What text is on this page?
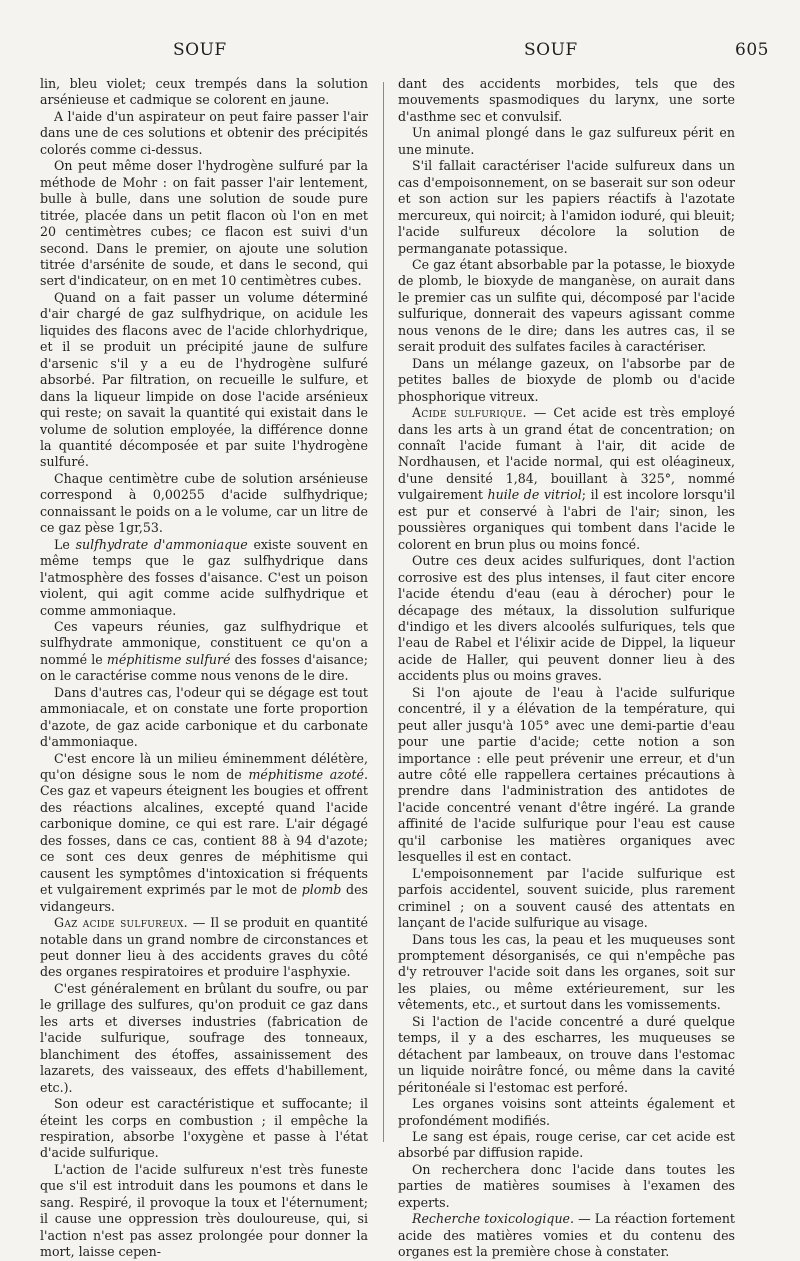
SOUF	SOUF	605

lin, bleu violet; ceux trempés dans la solution arsénieuse et cadmique se colorent en jaune.

A l'aide d'un aspirateur on peut faire passer l'air dans une de ces solutions et obtenir des précipités colorés comme ci-dessus.

On peut même doser l'hydrogène sulfuré par la méthode de Mohr : on fait passer l'air lentement, bulle à bulle, dans une solution de soude pure titrée, placée dans un petit flacon où l'on en met 20 centimètres cubes; ce flacon est suivi d'un second. Dans le premier, on ajoute une solution titrée d'arsénite de soude, et dans le second, qui sert d'indicateur, on en met 10 centimètres cubes.

Quand on a fait passer un volume déterminé d'air chargé de gaz sulfhydrique, on acidule les liquides des flacons avec de l'acide chlorhydrique, et il se produit un précipité jaune de sulfure d'arsenic s'il y a eu de l'hydrogène sulfuré absorbé. Par filtration, on recueille le sulfure, et dans la liqueur limpide on dose l'acide arsénieux qui reste; on savait la quantité qui existait dans le volume de solution employée, la différence donne la quantité décomposée et par suite l'hydrogène sulfuré.

Chaque centimètre cube de solution arsénieuse correspond à 0,00255 d'acide sulfhydrique; connaissant le poids on a le volume, car un litre de ce gaz pèse 1gr,53.

Le sulfhydrate d'ammoniaque existe souvent en même temps que le gaz sulfhydrique dans l'atmosphère des fosses d'aisance. C'est un poison violent, qui agit comme acide sulfhydrique et comme ammoniaque.

Ces vapeurs réunies, gaz sulfhydrique et sulfhydrate ammonique, constituent ce qu'on a nommé le méphitisme sulfuré des fosses d'aisance; on le caractérise comme nous venons de le dire.

Dans d'autres cas, l'odeur qui se dégage est tout ammoniacale, et on constate une forte proportion d'azote, de gaz acide carbonique et du carbonate d'ammoniaque.

C'est encore là un milieu éminemment délétère, qu'on désigne sous le nom de méphitisme azoté. Ces gaz et vapeurs éteignent les bougies et offrent des réactions alcalines, excepté quand l'acide carbonique domine, ce qui est rare. L'air dégagé des fosses, dans ce cas, contient 88 à 94 d'azote; ce sont ces deux genres de méphitisme qui causent les symptômes d'intoxication si fréquents et vulgairement exprimés par le mot de plomb des vidangeurs.

Gaz acide sulfureux. — Il se produit en quantité notable dans un grand nombre de circonstances et peut donner lieu à des accidents graves du côté des organes respiratoires et produire l'asphyxie.

C'est généralement en brûlant du soufre, ou par le grillage des sulfures, qu'on produit ce gaz dans les arts et diverses industries (fabrication de l'acide sulfurique, soufrage des tonneaux, blanchiment des étoffes, assainissement des lazarets, des vaisseaux, des effets d'habillement, etc.).

Son odeur est caractéristique et suffocante; il éteint les corps en combustion ; il empêche la respiration, absorbe l'oxygène et passe à l'état d'acide sulfurique.

L'action de l'acide sulfureux n'est très funeste que s'il est introduit dans les poumons et dans le sang. Respiré, il provoque la toux et l'éternument; il cause une oppression très douloureuse, qui, si l'action n'est pas assez prolongée pour donner la mort, laisse cepen-

dant des accidents morbides, tels que des mouvements spasmodiques du larynx, une sorte d'asthme sec et convulsif.

Un animal plongé dans le gaz sulfureux périt en une minute.

S'il fallait caractériser l'acide sulfureux dans un cas d'empoisonnement, on se baserait sur son odeur et son action sur les papiers réactifs à l'azotate mercureux, qui noircit; à l'amidon ioduré, qui bleuit; l'acide sulfureux décolore la solution de permanganate potassique.

Ce gaz étant absorbable par la potasse, le bioxyde de plomb, le bioxyde de manganèse, on aurait dans le premier cas un sulfite qui, décomposé par l'acide sulfurique, donnerait des vapeurs agissant comme nous venons de le dire; dans les autres cas, il se serait produit des sulfates faciles à caractériser.

Dans un mélange gazeux, on l'absorbe par de petites balles de bioxyde de plomb ou d'acide phosphorique vitreux.

Acide sulfurique. — Cet acide est très employé dans les arts à un grand état de concentration; on connaît l'acide fumant à l'air, dit acide de Nordhausen, et l'acide normal, qui est oléagineux, d'une densité 1,84, bouillant à 325°, nommé vulgairement huile de vitriol; il est incolore lorsqu'il est pur et conservé à l'abri de l'air; sinon, les poussières organiques qui tombent dans l'acide le colorent en brun plus ou moins foncé.

Outre ces deux acides sulfuriques, dont l'action corrosive est des plus intenses, il faut citer encore l'acide étendu d'eau (eau à dérocher) pour le décapage des métaux, la dissolution sulfurique d'indigo et les divers alcoolés sulfuriques, tels que l'eau de Rabel et l'élixir acide de Dippel, la liqueur acide de Haller, qui peuvent donner lieu à des accidents plus ou moins graves.

Si l'on ajoute de l'eau à l'acide sulfurique concentré, il y a élévation de la température, qui peut aller jusqu'à 105° avec une demi-partie d'eau pour une partie d'acide; cette notion a son importance : elle peut prévenir une erreur, et d'un autre côté elle rappellera certaines précautions à prendre dans l'administration des antidotes de l'acide concentré venant d'être ingéré. La grande affinité de l'acide sulfurique pour l'eau est cause qu'il carbonise les matières organiques avec lesquelles il est en contact.

L'empoisonnement par l'acide sulfurique est parfois accidentel, souvent suicide, plus rarement criminel ; on a souvent causé des attentats en lançant de l'acide sulfurique au visage.

Dans tous les cas, la peau et les muqueuses sont promptement désorganisés, ce qui n'empêche pas d'y retrouver l'acide soit dans les organes, soit sur les plaies, ou même extérieurement, sur les vêtements, etc., et surtout dans les vomissements.

Si l'action de l'acide concentré a duré quelque temps, il y a des escharres, les muqueuses se détachent par lambeaux, on trouve dans l'estomac un liquide noirâtre foncé, ou même dans la cavité péritonéale si l'estomac est perforé.

Les organes voisins sont atteints également et profondément modifiés.

Le sang est épais, rouge cerise, car cet acide est absorbé par diffusion rapide.

On recherchera donc l'acide dans toutes les parties de matières soumises à l'examen des experts.

Recherche toxicologique. — La réaction fortement acide des matières vomies et du contenu des organes est la première chose à constater.
